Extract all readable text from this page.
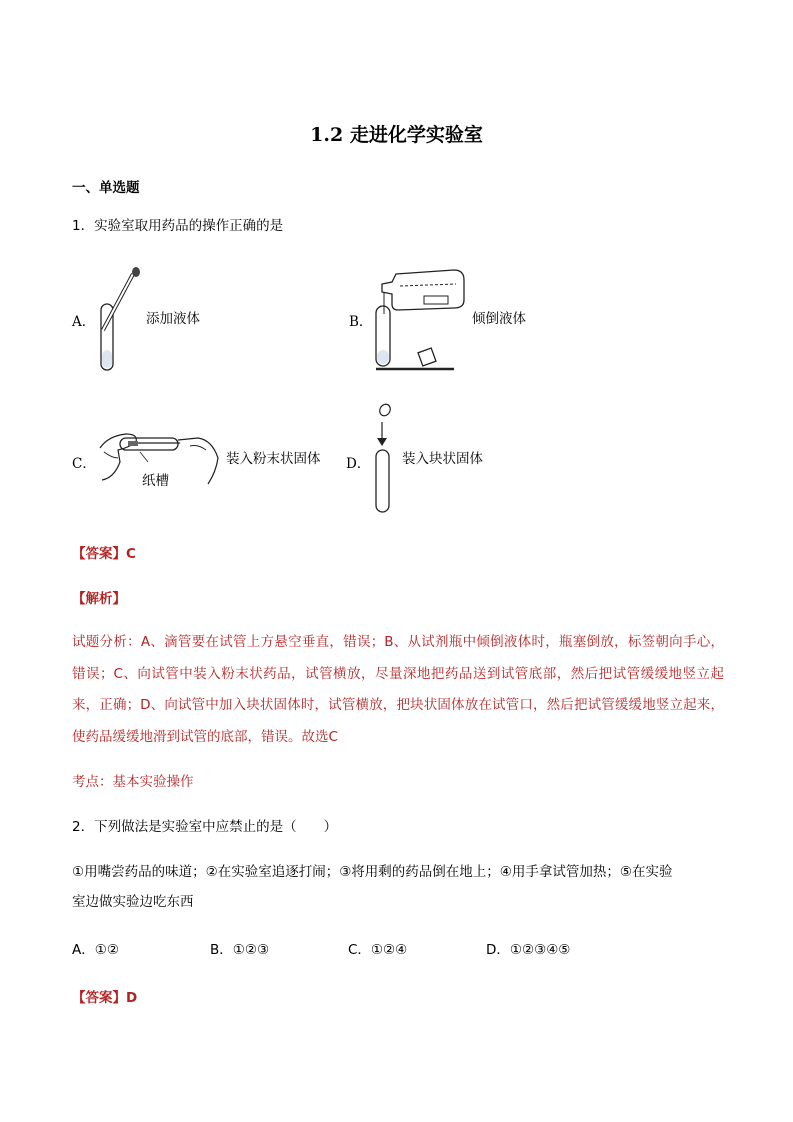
1.2 走进化学实验室
一、单选题
1．实验室取用药品的操作正确的是
A．	添加液体	B．	倾倒液体
C．
纸槽
装入粉末状固体 D． 装入块状固体
【答案】C
【解析】
试题分析：A、滴管要在试管上方悬空垂直，错误；B、从试剂瓶中倾倒液体时，瓶塞倒放，标签朝向手心，错误；C、向试管中装入粉末状药品，试管横放，尽量深地把药品送到试管底部，然后把试管缓缓地竖立起来，正确；D、向试管中加入块状固体时，试管横放，把块状固体放在试管口，然后把试管缓缓地竖立起来，使药品缓缓地滑到试管的底部，错误。故选C
考点：基本实验操作
2．下列做法是实验室中应禁止的是（　　）
①用嘴尝药品的味道；②在实验室追逐打闹；③将用剩的药品倒在地上；④用手拿试管加热；⑤在实验
室边做实验边吃东西
A．①②	B．①②③	C．①②④	D．①②③④⑤
【答案】D
